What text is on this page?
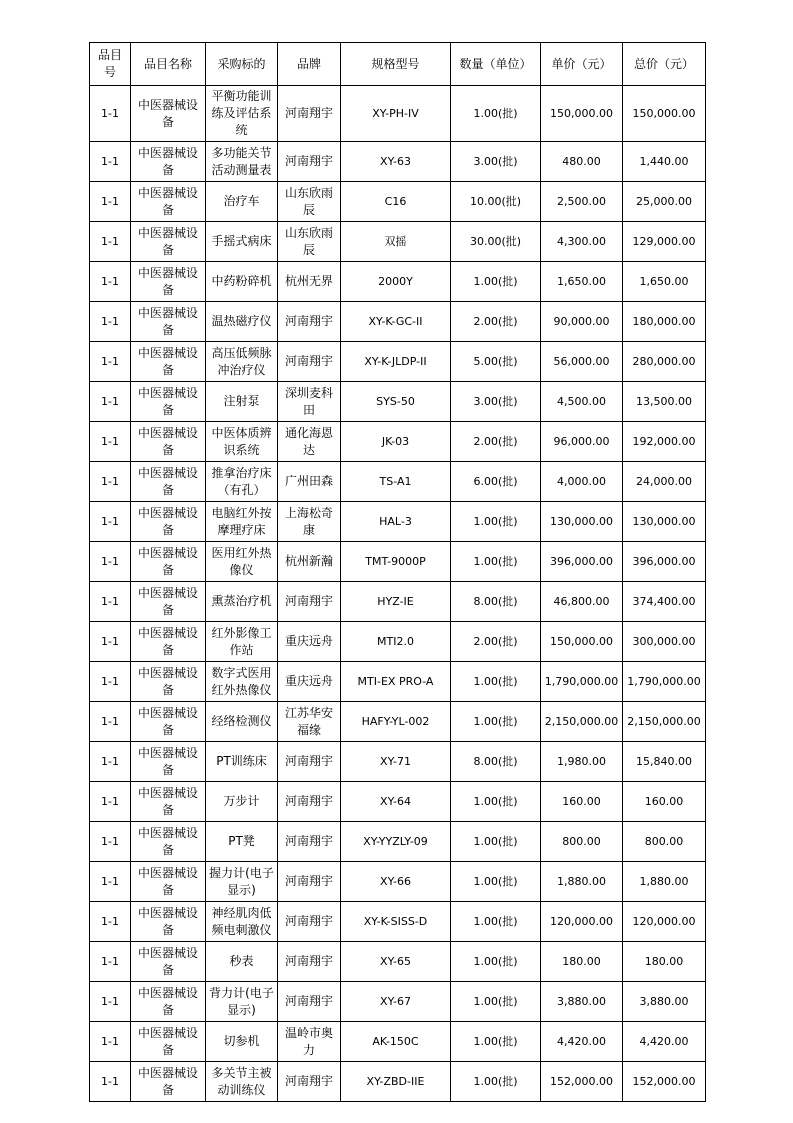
品目号	品目名称	采购标的	品牌	规格型号	数量（单位）	单价（元）	总价（元）
1-1	中医器械设备	平衡功能训练及评估系统	河南翔宇	XY-PH-IV	1.00(批)	150,000.00	150,000.00
1-1	中医器械设备	多功能关节活动测量表	河南翔宇	XY-63	3.00(批)	480.00	1,440.00
1-1	中医器械设备	治疗车	山东欣雨辰	C16	10.00(批)	2,500.00	25,000.00
1-1	中医器械设备	手摇式病床	山东欣雨辰	双摇	30.00(批)	4,300.00	129,000.00
1-1	中医器械设备	中药粉碎机	杭州无界	2000Y	1.00(批)	1,650.00	1,650.00
1-1	中医器械设备	温热磁疗仪	河南翔宇	XY-K-GC-II	2.00(批)	90,000.00	180,000.00
1-1	中医器械设备	高压低频脉冲治疗仪	河南翔宇	XY-K-JLDP-II	5.00(批)	56,000.00	280,000.00
1-1	中医器械设备	注射泵	深圳麦科田	SYS-50	3.00(批)	4,500.00	13,500.00
1-1	中医器械设备	中医体质辨识系统	通化海恩达	JK-03	2.00(批)	96,000.00	192,000.00
1-1	中医器械设备	推拿治疗床（有孔）	广州田森	TS-A1	6.00(批)	4,000.00	24,000.00
1-1	中医器械设备	电脑红外按摩理疗床	上海松奇康	HAL-3	1.00(批)	130,000.00	130,000.00
1-1	中医器械设备	医用红外热像仪	杭州新瀚	TMT-9000P	1.00(批)	396,000.00	396,000.00
1-1	中医器械设备	熏蒸治疗机	河南翔宇	HYZ-IE	8.00(批)	46,800.00	374,400.00
1-1	中医器械设备	红外影像工作站	重庆远舟	MTI2.0	2.00(批)	150,000.00	300,000.00
1-1	中医器械设备	数字式医用红外热像仪	重庆远舟	MTI-EX PRO-A	1.00(批)	1,790,000.00	1,790,000.00
1-1	中医器械设备	经络检测仪	江苏华安福缘	HAFY-YL-002	1.00(批)	2,150,000.00	2,150,000.00
1-1	中医器械设备	PT训练床	河南翔宇	XY-71	8.00(批)	1,980.00	15,840.00
1-1	中医器械设备	万步计	河南翔宇	XY-64	1.00(批)	160.00	160.00
1-1	中医器械设备	PT凳	河南翔宇	XY-YYZLY-09	1.00(批)	800.00	800.00
1-1	中医器械设备	握力计(电子显示)	河南翔宇	XY-66	1.00(批)	1,880.00	1,880.00
1-1	中医器械设备	神经肌肉低频电刺激仪	河南翔宇	XY-K-SISS-D	1.00(批)	120,000.00	120,000.00
1-1	中医器械设备	秒表	河南翔宇	XY-65	1.00(批)	180.00	180.00
1-1	中医器械设备	背力计(电子显示)	河南翔宇	XY-67	1.00(批)	3,880.00	3,880.00
1-1	中医器械设备	切参机	温岭市奥力	AK-150C	1.00(批)	4,420.00	4,420.00
1-1	中医器械设备	多关节主被动训练仪	河南翔宇	XY-ZBD-IIE	1.00(批)	152,000.00	152,000.00
